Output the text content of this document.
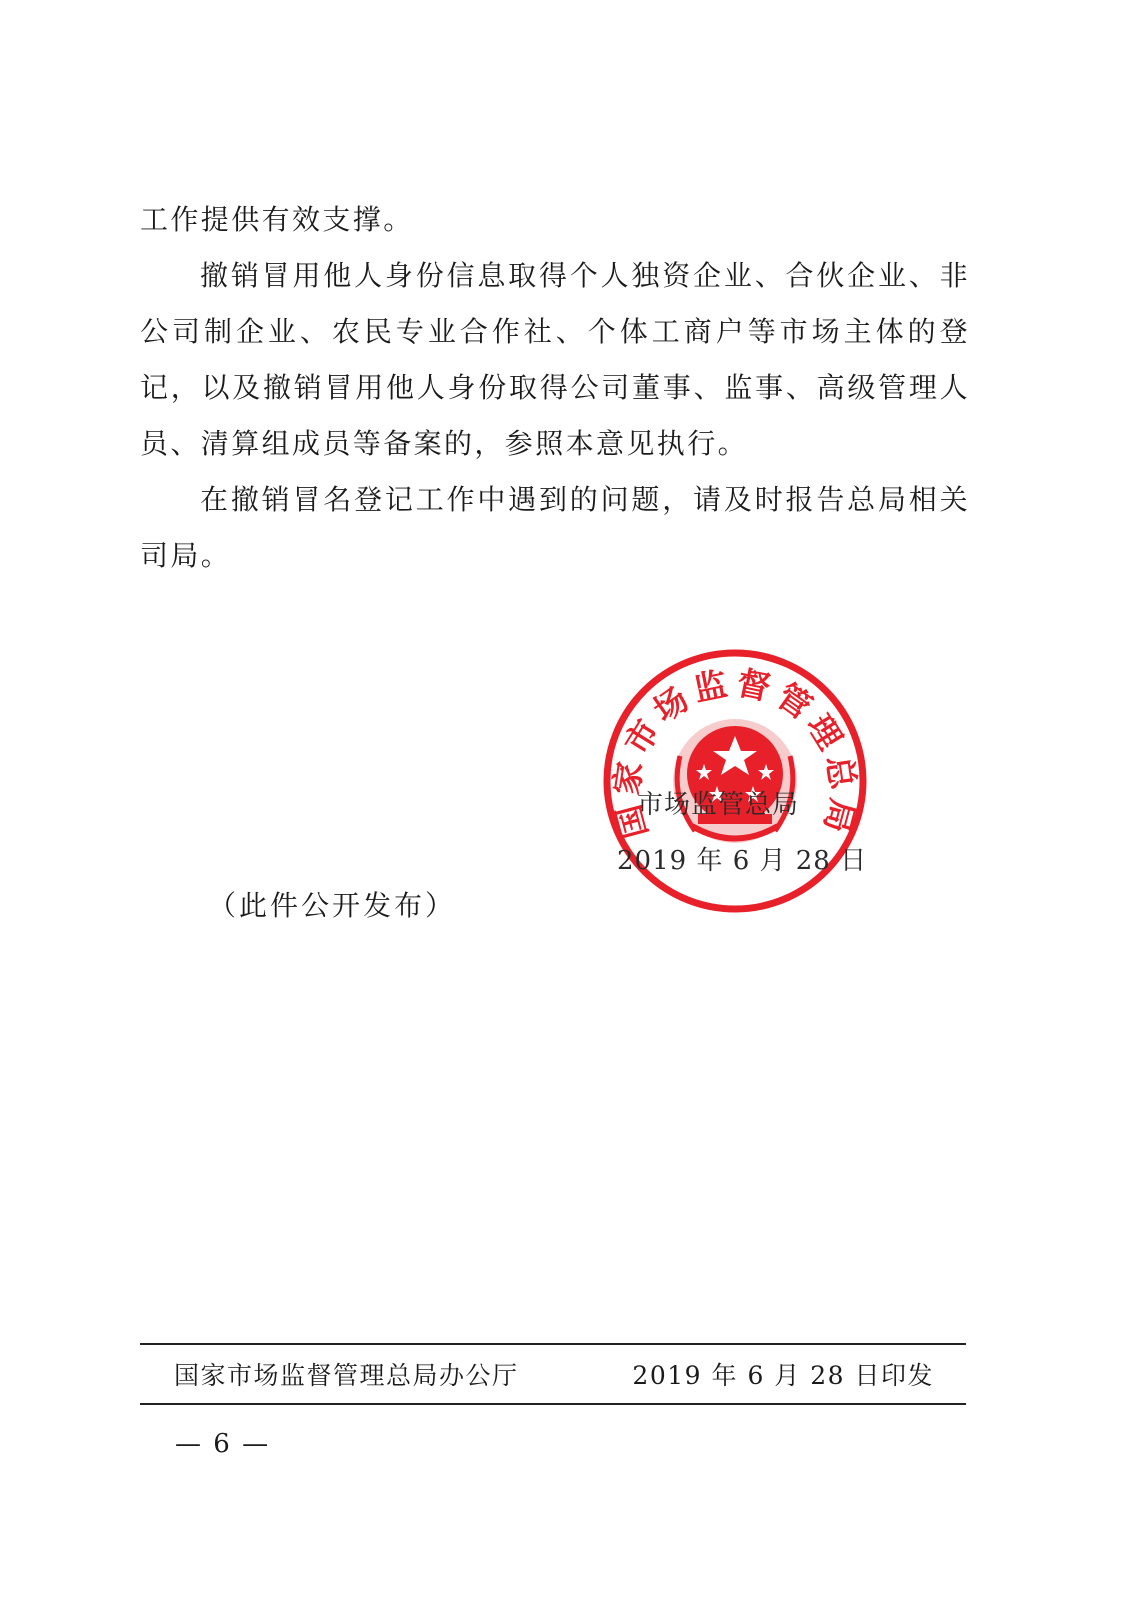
工作提供有效支撑。

撤销冒用他人身份信息取得个人独资企业、合伙企业、非公司制企业、农民专业合作社、个体工商户等市场主体的登记，以及撤销冒用他人身份取得公司董事、监事、高级管理人员、清算组成员等备案的，参照本意见执行。

在撤销冒名登记工作中遇到的问题，请及时报告总局相关司局。

国家市场监督管理总局
市场监管总局
2019 年 6 月 28 日
（此件公开发布）
国家市场监督管理总局办公厅	2019 年 6 月 28 日印发
— 6 —
